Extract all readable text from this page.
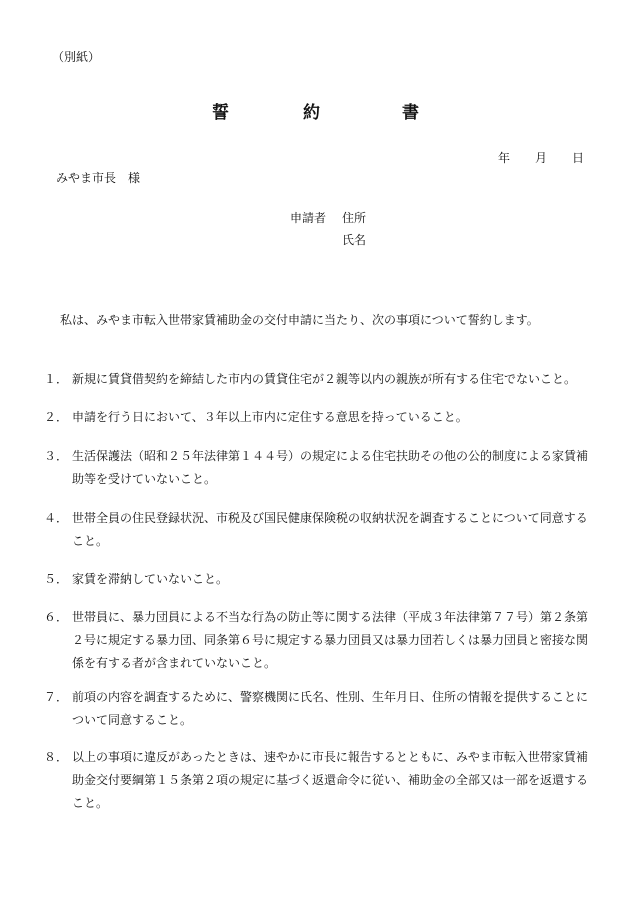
（別紙）
誓	約	書
年 月 日
みやま市長　様
申請者	住所
氏名
私は、みやま市転入世帯家賃補助金の交付申請に当たり、次の事項について誓約します。
１． 新規に賃貸借契約を締結した市内の賃貸住宅が２親等以内の親族が所有する住宅でないこと。
２． 申請を行う日において、３年以上市内に定住する意思を持っていること。
３． 生活保護法（昭和２５年法律第１４４号）の規定による住宅扶助その他の公的制度による家賃補助等を受けていないこと。
４． 世帯全員の住民登録状況、市税及び国民健康保険税の収納状況を調査することについて同意すること。
５． 家賃を滞納していないこと。
６． 世帯員に、暴力団員による不当な行為の防止等に関する法律（平成３年法律第７７号）第２条第２号に規定する暴力団、同条第６号に規定する暴力団員又は暴力団若しくは暴力団員と密接な関係を有する者が含まれていないこと。
７． 前項の内容を調査するために、警察機関に氏名、性別、生年月日、住所の情報を提供することについて同意すること。
８． 以上の事項に違反があったときは、速やかに市長に報告するとともに、みやま市転入世帯家賃補助金交付要綱第１５条第２項の規定に基づく返還命令に従い、補助金の全部又は一部を返還すること。
